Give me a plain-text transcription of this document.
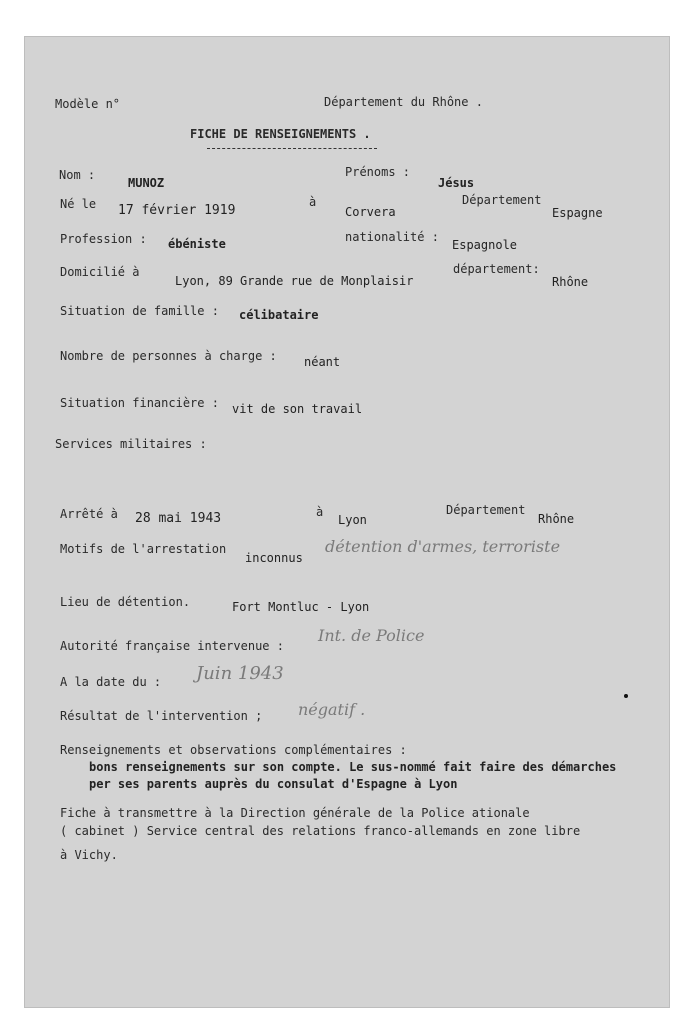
Modèle n°	Département du Rhône .
FICHE DE RENSEIGNEMENTS .
Nom :
MUNOZ
Prénoms :
Jésus
Né le 17 février 1919
à
Corvera
Département
Espagne
Profession : ébéniste	nationalité :
Espagnole
Domicilié à
Lyon, 89 Grande rue de Monplaisir
département:
Rhône
Situation de famille : célibataire
Nombre de personnes à charge : néant
Situation financière : vit de son travail
Services militaires :
Arrêté à 28 mai 1943	à
Lyon
Département
Rhône
Motifs de l'arrestation
inconnus
détention d'armes, terroriste
Lieu de détention.	Fort Montluc - Lyon
Autorité française intervenue :
Int. de Police
A la date du : Juin 1943
Résultat de l'intervention ; négatif .
Renseignements et observations complémentaires :
bons renseignements sur son compte. Le sus-nommé fait faire des démarches
per ses parents auprès du consulat d'Espagne à Lyon
Fiche à transmettre à la Direction générale de la Police ationale
( cabinet ) Service central des relations franco-allemands en zone libre
à Vichy.
